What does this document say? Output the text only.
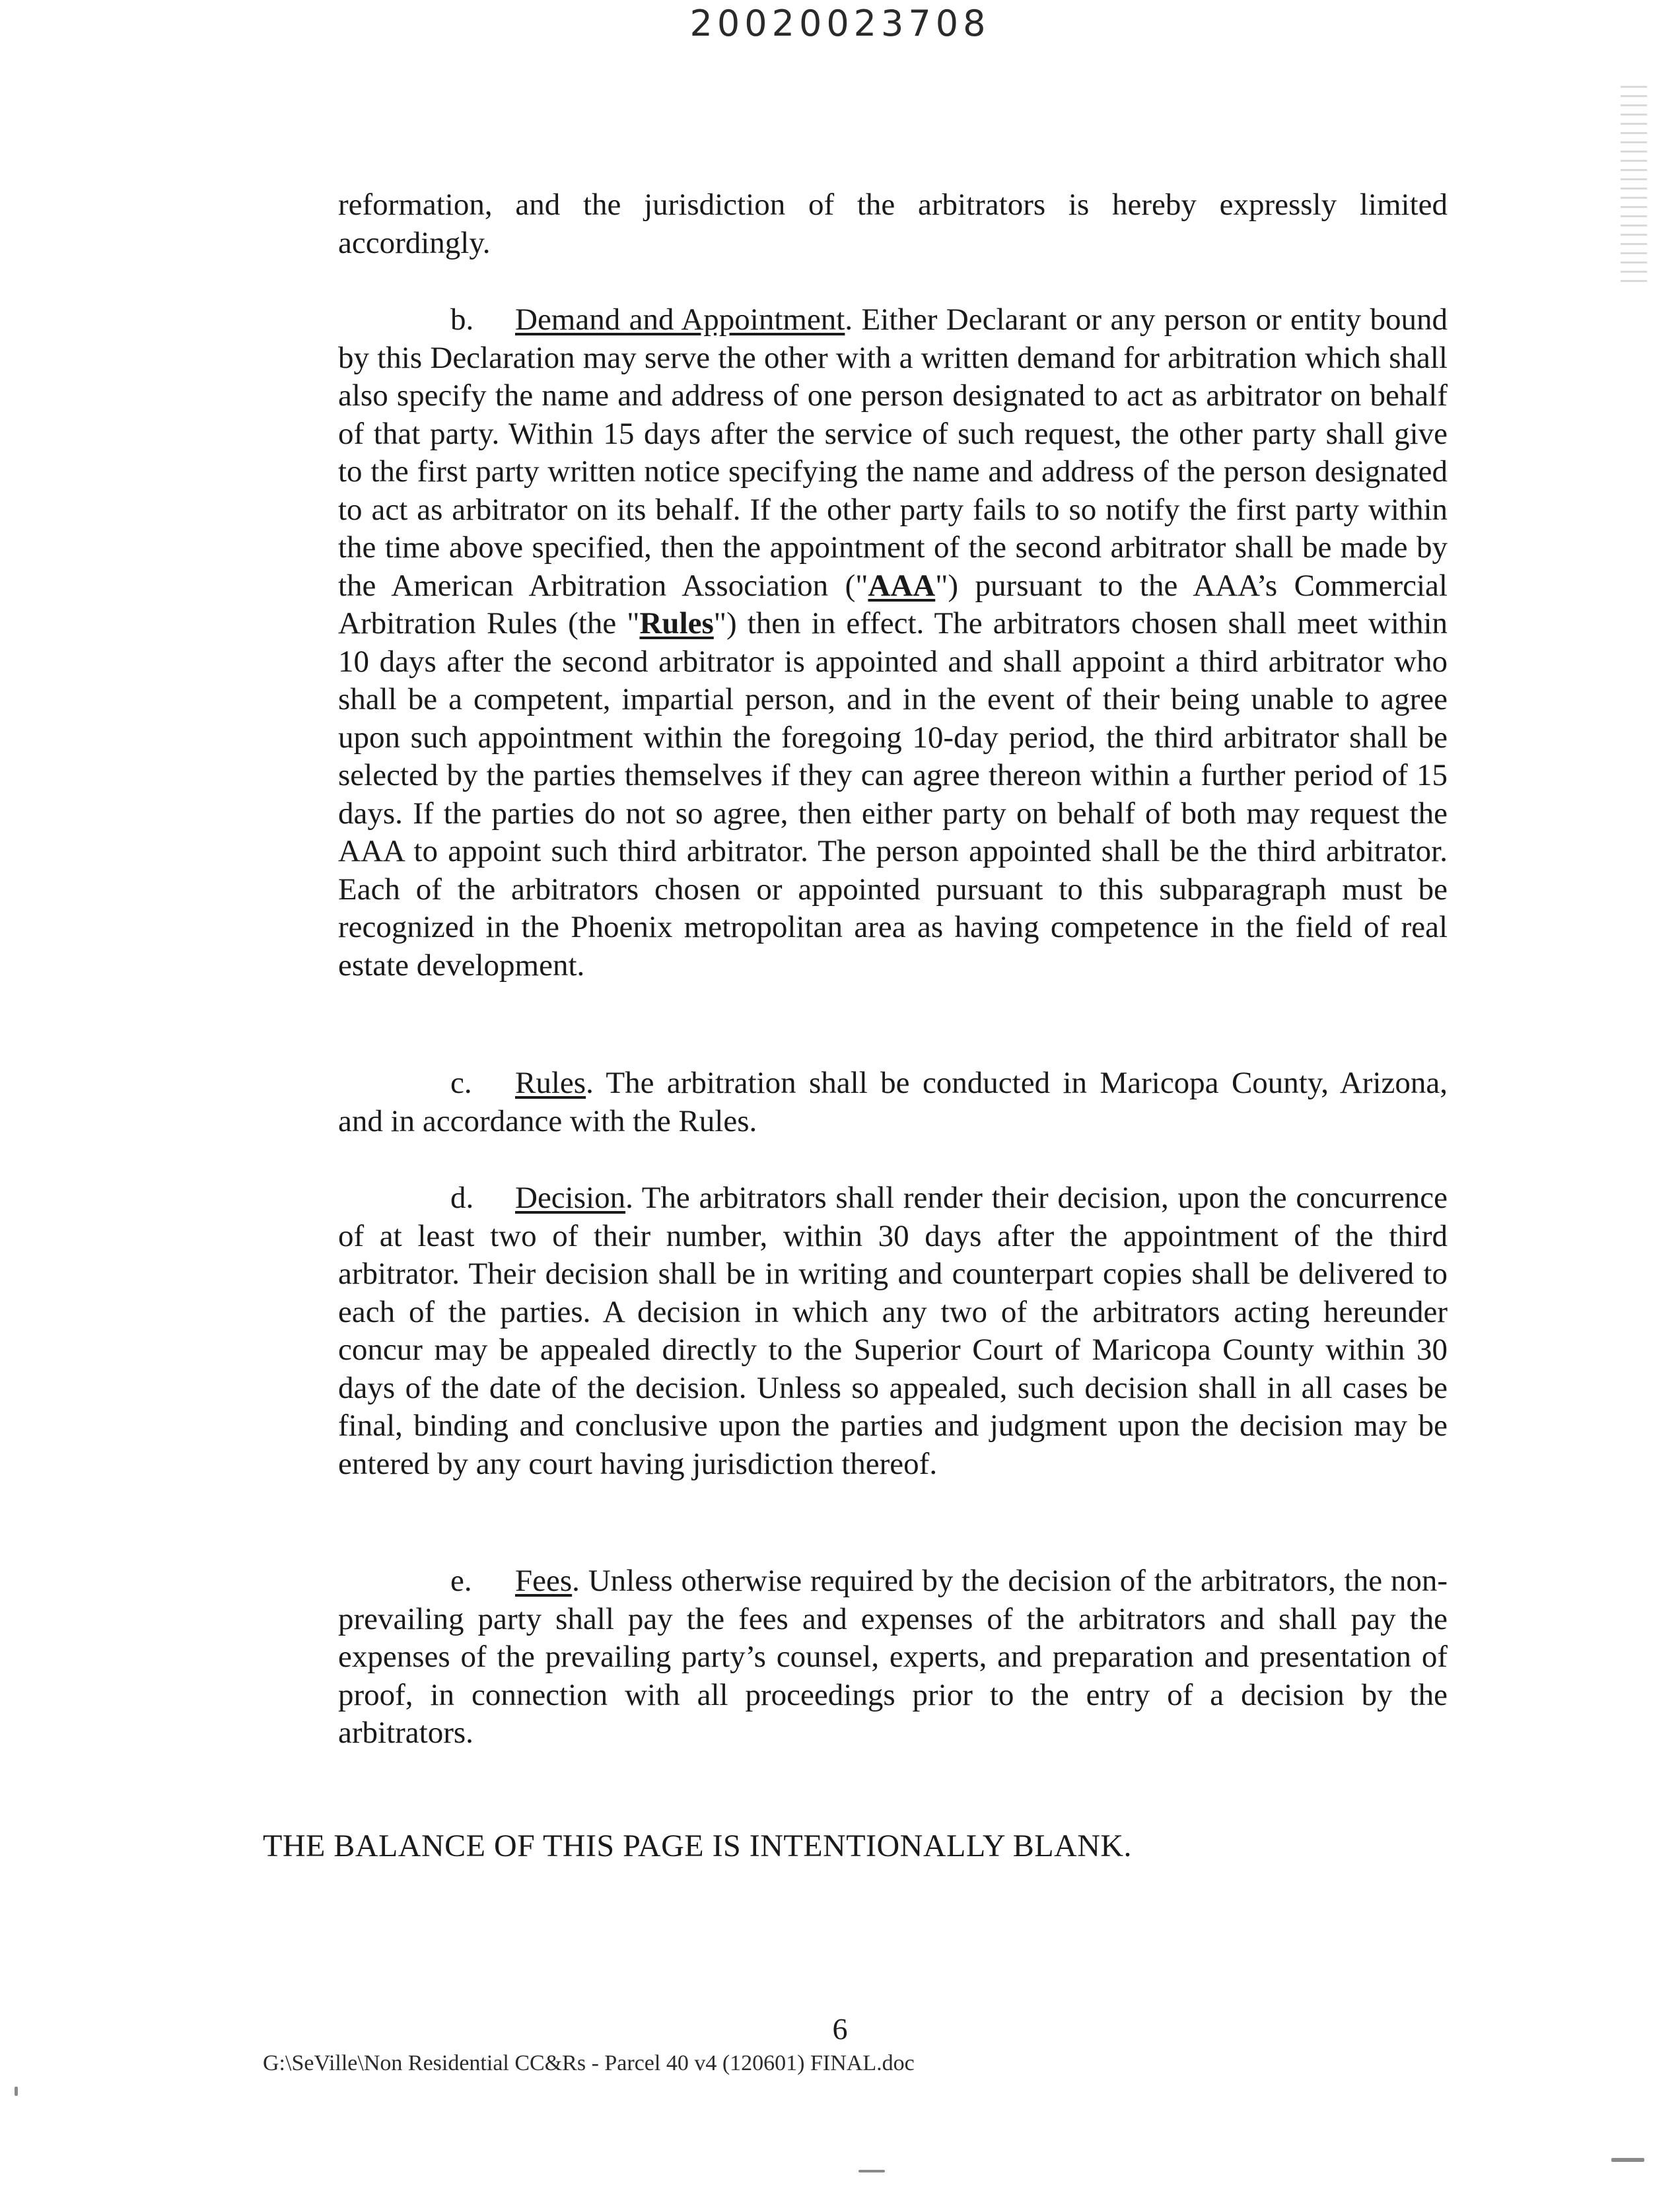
20020023708

reformation, and the jurisdiction of the arbitrators is hereby expressly limited accordingly.

b. Demand and Appointment. Either Declarant or any person or entity bound by this Declaration may serve the other with a written demand for arbitration which shall also specify the name and address of one person designated to act as arbitrator on behalf of that party. Within 15 days after the service of such request, the other party shall give to the first party written notice specifying the name and address of the person designated to act as arbitrator on its behalf. If the other party fails to so notify the first party within the time above specified, then the appointment of the second arbitrator shall be made by the American Arbitration Association ("AAA") pursuant to the AAA’s Commercial Arbitration Rules (the "Rules") then in effect. The arbitrators chosen shall meet within 10 days after the second arbitrator is appointed and shall appoint a third arbitrator who shall be a competent, impartial person, and in the event of their being unable to agree upon such appointment within the foregoing 10-day period, the third arbitrator shall be selected by the parties themselves if they can agree thereon within a further period of 15 days. If the parties do not so agree, then either party on behalf of both may request the AAA to appoint such third arbitrator. The person appointed shall be the third arbitrator. Each of the arbitrators chosen or appointed pursuant to this subparagraph must be recognized in the Phoenix metropolitan area as having competence in the field of real estate development.

c. Rules. The arbitration shall be conducted in Maricopa County, Arizona, and in accordance with the Rules.

d. Decision. The arbitrators shall render their decision, upon the concurrence of at least two of their number, within 30 days after the appointment of the third arbitrator. Their decision shall be in writing and counterpart copies shall be delivered to each of the parties. A decision in which any two of the arbitrators acting hereunder concur may be appealed directly to the Superior Court of Maricopa County within 30 days of the date of the decision. Unless so appealed, such decision shall in all cases be final, binding and conclusive upon the parties and judgment upon the decision may be entered by any court having jurisdiction thereof.

e. Fees. Unless otherwise required by the decision of the arbitrators, the non-prevailing party shall pay the fees and expenses of the arbitrators and shall pay the expenses of the prevailing party’s counsel, experts, and preparation and presentation of proof, in connection with all proceedings prior to the entry of a decision by the arbitrators.

THE BALANCE OF THIS PAGE IS INTENTIONALLY BLANK.
6
G:\SeVille\Non Residential CC&Rs - Parcel 40 v4 (120601) FINAL.doc
